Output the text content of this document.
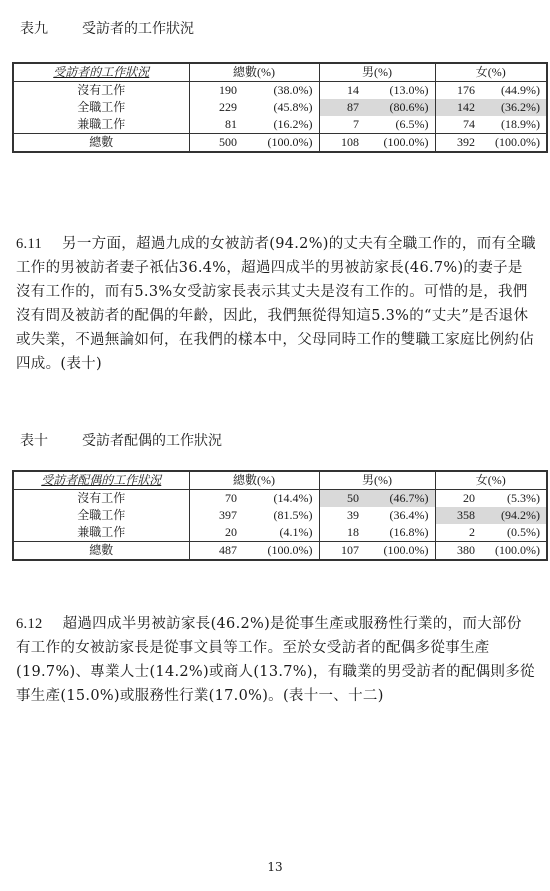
表九 受訪者的工作狀況
受訪者的工作狀況	總數(%)		男(%)		女(%)	
沒有工作	190	(38.0%)	14	(13.0%)	176	(44.9%)
全職工作	229	(45.8%)	87	(80.6%)	142	(36.2%)
兼職工作	81	(16.2%)	7	(6.5%)	74	(18.9%)
總數	500	(100.0%)	108	(100.0%)	392	(100.0%)
6.11 另一方面，超過九成的女被訪者(94.2%)的丈夫有全職工作的，而有全職工作的男被訪者妻子祇佔36.4%，超過四成半的男被訪家長(46.7%)的妻子是沒有工作的，而有5.3%女受訪家長表示其丈夫是沒有工作的。可惜的是，我們沒有問及被訪者的配偶的年齡，因此，我們無從得知這5.3%的“丈夫”是否退休或失業，不過無論如何，在我們的樣本中，父母同時工作的雙職工家庭比例約佔四成。(表十)
表十 受訪者配偶的工作狀況
受訪者配偶的工作狀況	總數(%)		男(%)		女(%)	
沒有工作	70	(14.4%)	50	(46.7%)	20	(5.3%)
全職工作	397	(81.5%)	39	(36.4%)	358	(94.2%)
兼職工作	20	(4.1%)	18	(16.8%)	2	(0.5%)
總數	487	(100.0%)	107	(100.0%)	380	(100.0%)
6.12 超過四成半男被訪家長(46.2%)是從事生產或服務性行業的，而大部份有工作的女被訪家長是從事文員等工作。至於女受訪者的配偶多從事生產(19.7%)、專業人士(14.2%)或商人(13.7%)，有職業的男受訪者的配偶則多從事生產(15.0%)或服務性行業(17.0%)。(表十一、十二)
13
